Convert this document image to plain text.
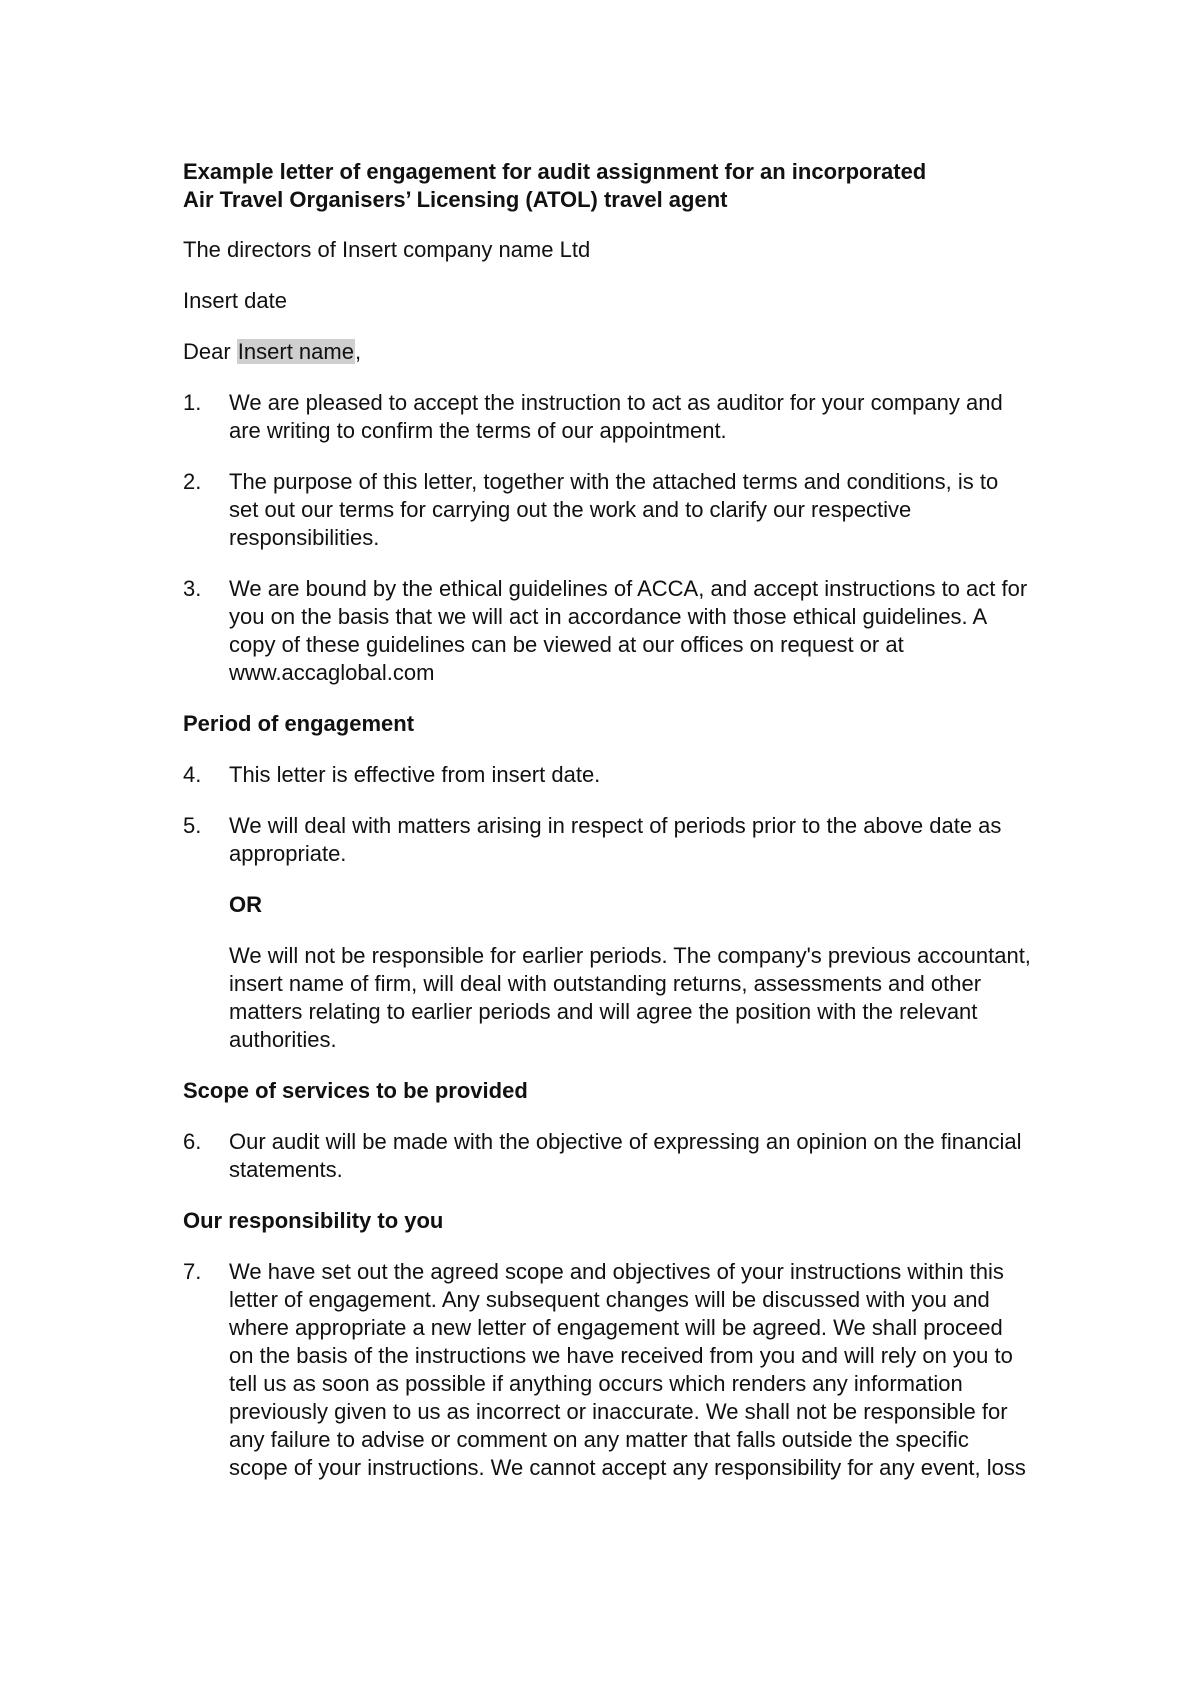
Example letter of engagement for audit assignment for an incorporated
Air Travel Organisers’ Licensing (ATOL) travel agent
The directors of Insert company name Ltd
Insert date
Dear Insert name,
1.	We are pleased to accept the instruction to act as auditor for your company and are writing to confirm the terms of our appointment.
2.	The purpose of this letter, together with the attached terms and conditions, is to set out our terms for carrying out the work and to clarify our respective responsibilities.
3.	We are bound by the ethical guidelines of ACCA, and accept instructions to act for you on the basis that we will act in accordance with those ethical guidelines. A copy of these guidelines can be viewed at our offices on request or at www.accaglobal.com
Period of engagement
4.	This letter is effective from insert date.
5.	We will deal with matters arising in respect of periods prior to the above date as appropriate.
OR
We will not be responsible for earlier periods. The company's previous accountant, insert name of firm, will deal with outstanding returns, assessments and other matters relating to earlier periods and will agree the position with the relevant authorities.
Scope of services to be provided
6.	Our audit will be made with the objective of expressing an opinion on the financial statements.
Our responsibility to you
7.	We have set out the agreed scope and objectives of your instructions within this letter of engagement. Any subsequent changes will be discussed with you and where appropriate a new letter of engagement will be agreed. We shall proceed on the basis of the instructions we have received from you and will rely on you to tell us as soon as possible if anything occurs which renders any information previously given to us as incorrect or inaccurate. We shall not be responsible for any failure to advise or comment on any matter that falls outside the specific scope of your instructions. We cannot accept any responsibility for any event, loss
